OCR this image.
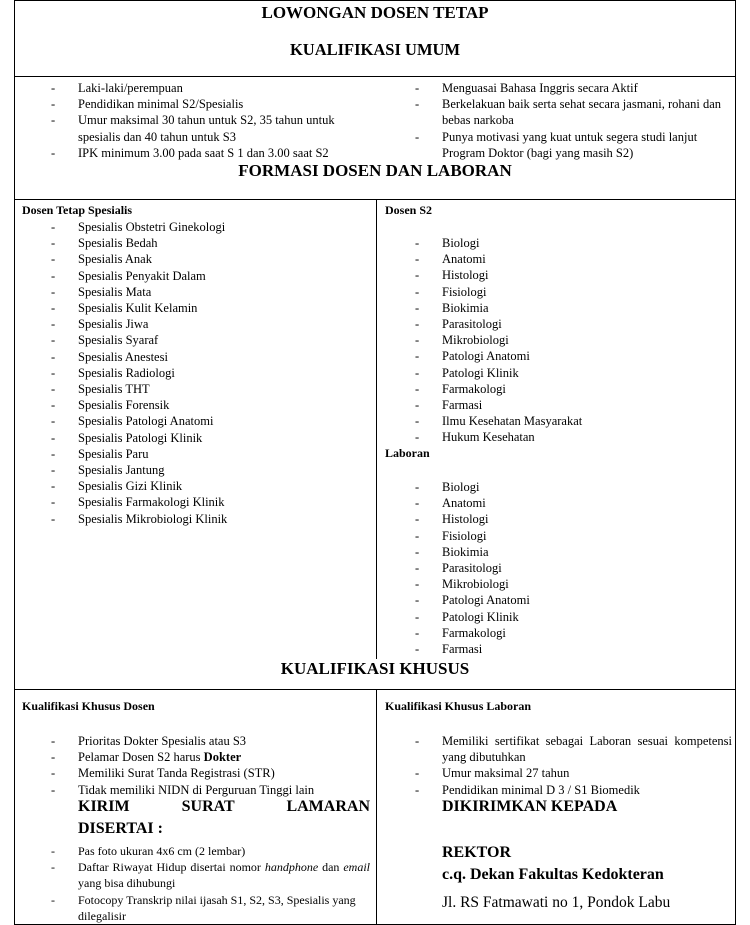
LOWONGAN DOSEN TETAP
KUALIFIKASI UMUM
- Laki-laki/perempuan
- Pendidikan minimal S2/Spesialis
- Umur maksimal 30 tahun untuk S2, 35 tahun untuk spesialis dan 40 tahun untuk S3
- IPK minimum 3.00 pada saat S 1 dan 3.00 saat S2
- Menguasai Bahasa Inggris secara Aktif
- Berkelakuan baik serta sehat secara jasmani, rohani dan bebas narkoba
- Punya motivasi yang kuat untuk segera studi lanjut Program Doktor (bagi yang masih S2)
FORMASI DOSEN DAN LABORAN
Dosen Tetap Spesialis
- Spesialis Obstetri Ginekologi
- Spesialis Bedah
- Spesialis Anak
- Spesialis Penyakit Dalam
- Spesialis Mata
- Spesialis Kulit Kelamin
- Spesialis Jiwa
- Spesialis Syaraf
- Spesialis Anestesi
- Spesialis Radiologi
- Spesialis THT
- Spesialis Forensik
- Spesialis Patologi Anatomi
- Spesialis Patologi Klinik
- Spesialis Paru
- Spesialis Jantung
- Spesialis Gizi Klinik
- Spesialis Farmakologi Klinik
- Spesialis Mikrobiologi Klinik
Dosen S2
- Biologi
- Anatomi
- Histologi
- Fisiologi
- Biokimia
- Parasitologi
- Mikrobiologi
- Patologi Anatomi
- Patologi Klinik
- Farmakologi
- Farmasi
- Ilmu Kesehatan Masyarakat
- Hukum Kesehatan
Laboran
- Biologi
- Anatomi
- Histologi
- Fisiologi
- Biokimia
- Parasitologi
- Mikrobiologi
- Patologi Anatomi
- Patologi Klinik
- Farmakologi
- Farmasi
KUALIFIKASI KHUSUS
Kualifikasi Khusus Dosen
- Prioritas Dokter Spesialis atau S3
- Pelamar Dosen S2 harus Dokter
- Memiliki Surat Tanda Registrasi (STR)
- Tidak memiliki NIDN di Perguruan Tinggi lain
KIRIM SURAT LAMARAN
DISERTAI :
- Pas foto ukuran 4x6 cm (2 lembar)
- Daftar Riwayat Hidup disertai nomor handphone dan email yang bisa dihubungi
- Fotocopy Transkrip nilai ijasah S1, S2, S3, Spesialis yang dilegalisir
Kualifikasi Khusus Laboran
- Memiliki sertifikat sebagai Laboran sesuai kompetensi yang dibutuhkan
- Umur maksimal 27 tahun
- Pendidikan minimal D 3 / S1 Biomedik
DIKIRIMKAN KEPADA
REKTOR
c.q. Dekan Fakultas Kedokteran
Jl. RS Fatmawati no 1, Pondok Labu
